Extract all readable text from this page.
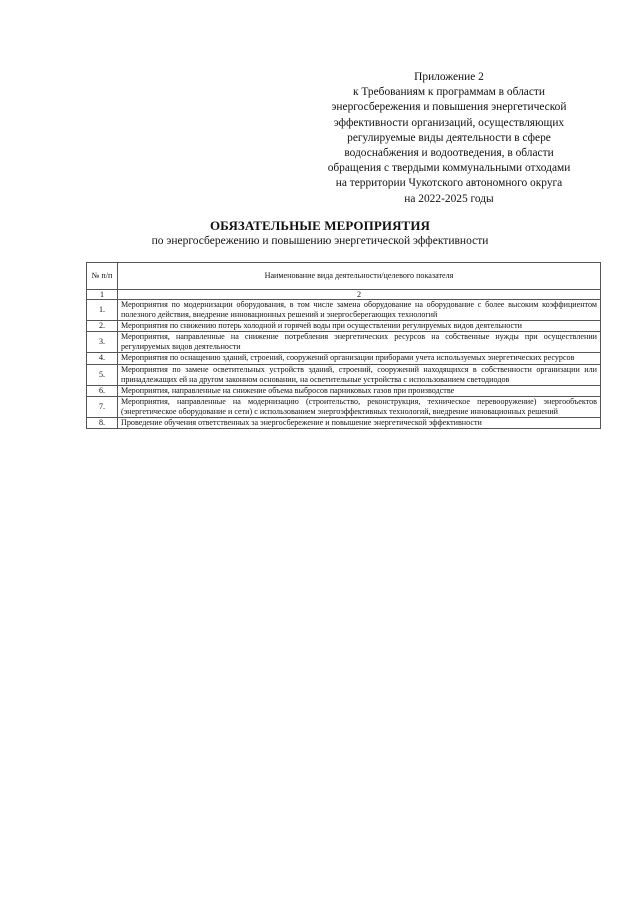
Приложение 2
к Требованиям к программам в области
энергосбережения и повышения энергетической
эффективности организаций, осуществляющих
регулируемые виды деятельности в сфере
водоснабжения и водоотведения, в области
обращения с твердыми коммунальными отходами
на территории Чукотского автономного округа
на 2022-2025 годы
ОБЯЗАТЕЛЬНЫЕ МЕРОПРИЯТИЯ
по энергосбережению и повышению энергетической эффективности
№ п/п	Наименование вида деятельности/целевого показателя
1	2
1.	Мероприятия по модернизации оборудования, в том числе замена оборудование на оборудование с более высоким коэффициентом полезного действия, внедрение инновационных решений и энергосберегающих технологий
2.	Мероприятия по снижению потерь холодной и горячей воды при осуществлении регулируемых видов деятельности
3.	Мероприятия, направленные на снижение потребления энергетических ресурсов на собственные нужды при осуществлении регулируемых видов деятельности
4.	Мероприятия по оснащению зданий, строений, сооружений организации приборами учета используемых энергетических ресурсов
5.	Мероприятия по замене осветительных устройств зданий, строений, сооружений находящихся в собственности организации или принадлежащих ей на другом законном основании, на осветительные устройства с использованием светодиодов
6.	Мероприятия, направленные на снижение объема выбросов парниковых газов при производстве
7.	Мероприятия, направленные на модернизацию (строительство, реконструкция, техническое перевооружение) энергообъектов (энергетическое оборудование и сети) с использованием энергоэффективных технологий, внедрение инновационных решений
8.	Проведение обучения ответственных за энергосбережение и повышение энергетической эффективности
